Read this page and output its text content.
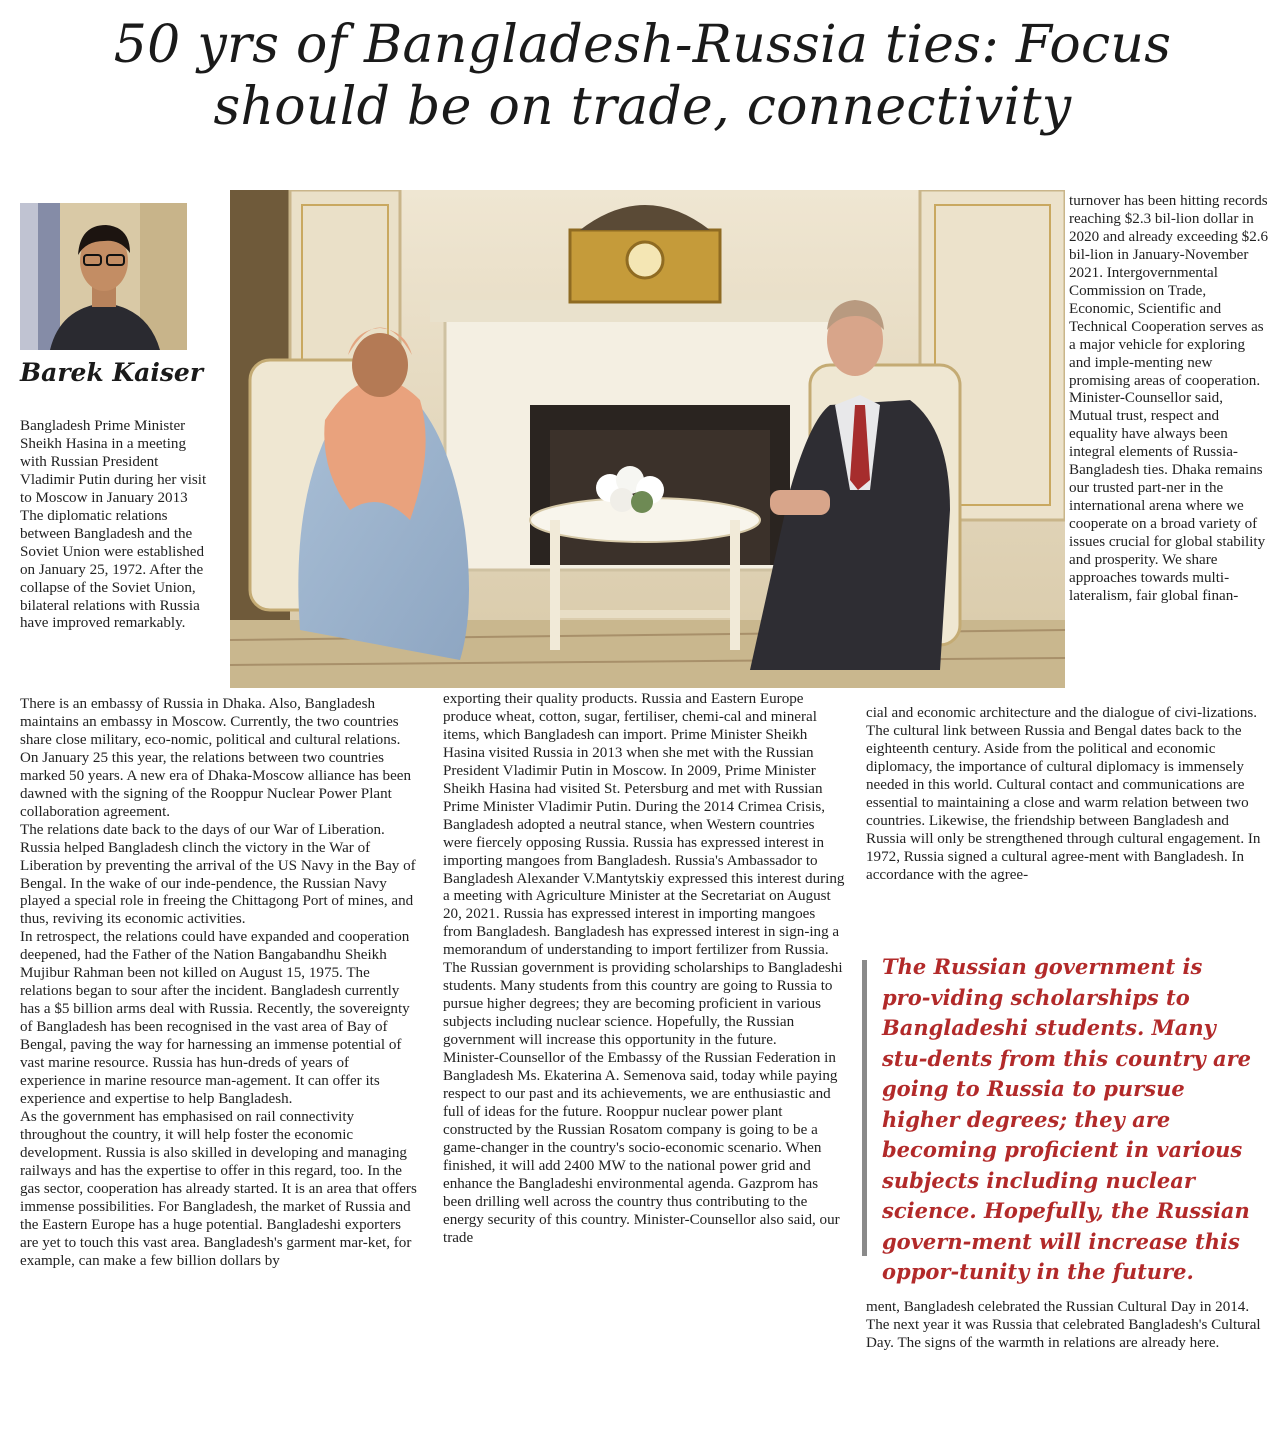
50 yrs of Bangladesh-Russia ties: Focus
should be on trade, connectivity
Barek Kaiser

Bangladesh Prime Minister Sheikh Hasina in a meeting with Russian President Vladimir Putin during her visit to Moscow in January 2013

The diplomatic relations between Bangladesh and the Soviet Union were established on January 25, 1972. After the collapse of the Soviet Union, bilateral relations with Russia have improved remarkably.

There is an embassy of Russia in Dhaka. Also, Bangladesh maintains an embassy in Moscow. Currently, the two countries share close military, eco-nomic, political and cultural relations. On January 25 this year, the relations between two countries marked 50 years. A new era of Dhaka-Moscow alliance has been dawned with the signing of the Rooppur Nuclear Power Plant collaboration agreement.

The relations date back to the days of our War of Liberation. Russia helped Bangladesh clinch the victory in the War of Liberation by preventing the arrival of the US Navy in the Bay of Bengal. In the wake of our inde-pendence, the Russian Navy played a special role in freeing the Chittagong Port of mines, and thus, reviving its economic activities.

In retrospect, the relations could have expanded and cooperation deepened, had the Father of the Nation Bangabandhu Sheikh Mujibur Rahman been not killed on August 15, 1975. The relations began to sour after the incident. Bangladesh currently has a $5 billion arms deal with Russia. Recently, the sovereignty of Bangladesh has been recognised in the vast area of Bay of Bengal, paving the way for harnessing an immense potential of vast marine resource. Russia has hun-dreds of years of experience in marine resource man-agement. It can offer its experience and expertise to help Bangladesh.

As the government has emphasised on rail connectivity throughout the country, it will help foster the economic development. Russia is also skilled in developing and managing railways and has the expertise to offer in this regard, too. In the gas sector, cooperation has already started. It is an area that offers immense possibilities. For Bangladesh, the market of Russia and the Eastern Europe has a huge potential. Bangladeshi exporters are yet to touch this vast area. Bangladesh's garment mar-ket, for example, can make a few billion dollars by

exporting their quality products. Russia and Eastern Europe produce wheat, cotton, sugar, fertiliser, chemi-cal and mineral items, which Bangladesh can import. Prime Minister Sheikh Hasina visited Russia in 2013 when she met with the Russian President Vladimir Putin in Moscow. In 2009, Prime Minister Sheikh Hasina had visited St. Petersburg and met with Russian Prime Minister Vladimir Putin. During the 2014 Crimea Crisis, Bangladesh adopted a neutral stance, when Western countries were fiercely opposing Russia. Russia has expressed interest in importing mangoes from Bangladesh. Russia's Ambassador to Bangladesh Alexander V.Mantytskiy expressed this interest during a meeting with Agriculture Minister at the Secretariat on August 20, 2021. Russia has expressed interest in importing mangoes from Bangladesh. Bangladesh has expressed interest in sign-ing a memorandum of understanding to import fertilizer from Russia.

The Russian government is providing scholarships to Bangladeshi students. Many students from this country are going to Russia to pursue higher degrees; they are becoming proficient in various subjects including nuclear science. Hopefully, the Russian government will increase this opportunity in the future.

Minister-Counsellor of the Embassy of the Russian Federation in Bangladesh Ms. Ekaterina A. Semenova said, today while paying respect to our past and its achievements, we are enthusiastic and full of ideas for the future. Rooppur nuclear power plant constructed by the Russian Rosatom company is going to be a game-changer in the country's socio-economic scenario. When finished, it will add 2400 MW to the national power grid and enhance the Bangladeshi environmental agenda. Gazprom has been drilling well across the country thus contributing to the energy security of this country. Minister-Counsellor also said, our trade

turnover has been hitting records reaching $2.3 bil-lion dollar in 2020 and already exceeding $2.6 bil-lion in January-November 2021. Intergovernmental Commission on Trade, Economic, Scientific and Technical Cooperation serves as a major vehicle for exploring and imple-menting new promising areas of cooperation. Minister-Counsellor said, Mutual trust, respect and equality have always been integral elements of Russia-Bangladesh ties. Dhaka remains our trusted part-ner in the international arena where we cooperate on a broad variety of issues crucial for global stability and prosperity. We share approaches towards multi-lateralism, fair global finan-

cial and economic architecture and the dialogue of civi-lizations. The cultural link between Russia and Bengal dates back to the eighteenth century. Aside from the political and economic diplomacy, the importance of cultural diplomacy is immensely needed in this world. Cultural contact and communications are essential to maintaining a close and warm relation between two countries. Likewise, the friendship between Bangladesh and Russia will only be strengthened through cultural engagement. In 1972, Russia signed a cultural agree-ment with Bangladesh. In accordance with the agree-

The Russian government is pro-viding scholarships to Bangladeshi students. Many stu-dents from this country are going to Russia to pursue higher degrees; they are becoming proficient in various subjects including nuclear science. Hopefully, the Russian govern-ment will increase this oppor-tunity in the future.

ment, Bangladesh celebrated the Russian Cultural Day in 2014. The next year it was Russia that celebrated Bangladesh's Cultural Day. The signs of the warmth in relations are already here.
